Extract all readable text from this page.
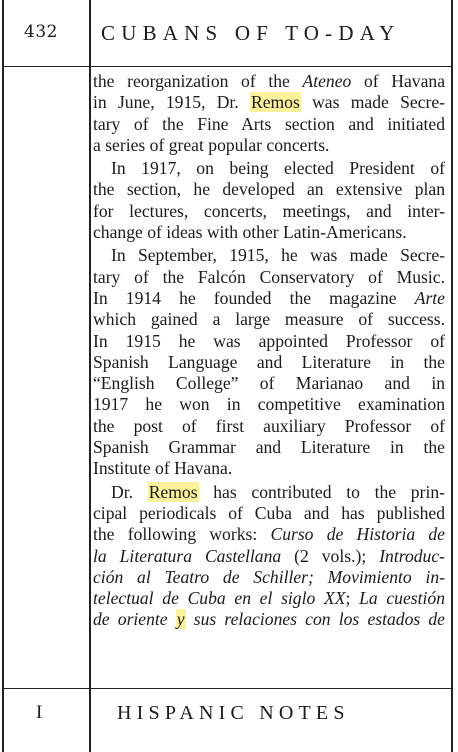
432 CUBANS OF TO-DAY
the reorganization of the Ateneo of Havana
in June, 1915, Dr. Remos was made Secre-
tary of the Fine Arts section and initiated
a series of great popular concerts.
In 1917, on being elected President of
the section, he developed an extensive plan
for lectures, concerts, meetings, and inter-
change of ideas with other Latin-Americans.
In September, 1915, he was made Secre-
tary of the Falcón Conservatory of Music.
In 1914 he founded the magazine Arte
which gained a large measure of success.
In 1915 he was appointed Professor of
Spanish Language and Literature in the
“English College” of Marianao and in
1917 he won in competitive examination
the post of first auxiliary Professor of
Spanish Grammar and Literature in the
Institute of Havana.
Dr. Remos has contributed to the prin-
cipal periodicals of Cuba and has published
the following works: Curso de Historia de
la Literatura Castellana (2 vols.); Introduc-
ción al Teatro de Schiller; Movimiento in-
telectual de Cuba en el siglo XX; La cuestión
de oriente y sus relaciones con los estados de
I	HISPANIC NOTES
